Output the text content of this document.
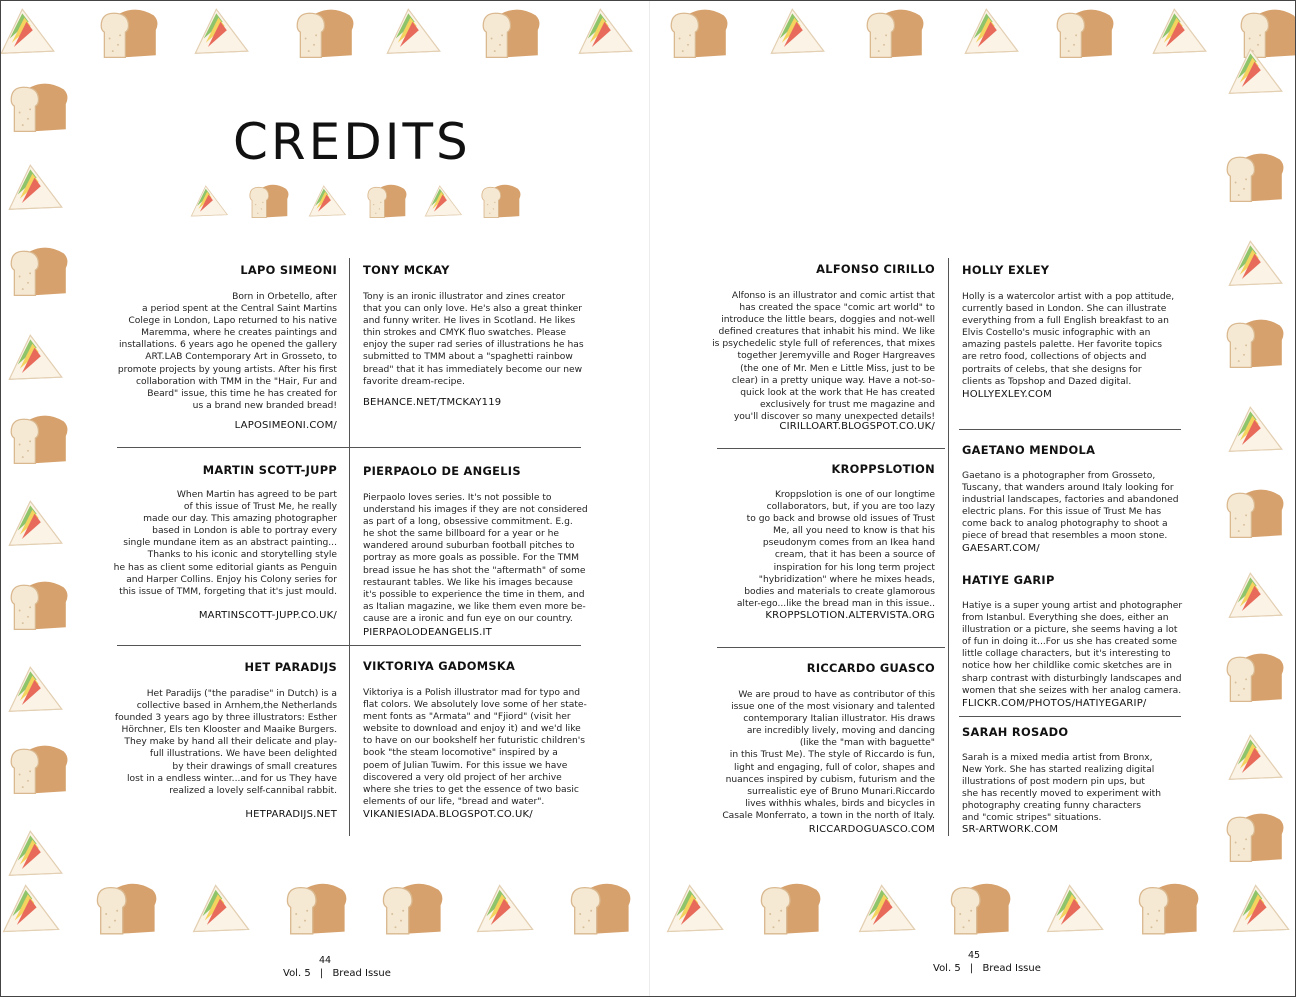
CREDITS
LAPO SIMEONI
Born in Orbetello, after
a period spent at the Central Saint Martins
Colege in London, Lapo returned to his native
Maremma, where he creates paintings and
installations. 6 years ago he opened the gallery
ART.LAB Contemporary Art in Grosseto, to
promote projects by young artists. After his first
collaboration with TMM in the "Hair, Fur and
Beard" issue, this time he has created for
us a brand new branded bread!

LAPOSIMEONI.COM/

MARTIN SCOTT-JUPP
When Martin has agreed to be part
of this issue of Trust Me, he really
made our day. This amazing photographer
based in London is able to portray every
single mundane item as an abstract painting...
Thanks to his iconic and storytelling style
he has as client some editorial giants as Penguin
and Harper Collins. Enjoy his Colony series for
this issue of TMM, forgeting that it's just mould.

MARTINSCOTT-JUPP.CO.UK/

HET PARADIJS
Het Paradijs ("the paradise" in Dutch) is a
collective based in Arnhem,the Netherlands
founded 3 years ago by three illustrators: Esther
Hörchner, Els ten Klooster and Maaike Burgers.
They make by hand all their delicate and play-
full illustrations. We have been delighted
by their drawings of small creatures
lost in a endless winter...and for us They have
realized a lovely self-cannibal rabbit.

HETPARADIJS.NET

TONY MCKAY
Tony is an ironic illustrator and zines creator
that you can only love. He's also a great thinker
and funny writer. He lives in Scotland. He likes
thin strokes and CMYK fluo swatches. Please
enjoy the super rad series of illustrations he has
submitted to TMM about a "spaghetti rainbow
bread" that it has immediately become our new
favorite dream-recipe.

BEHANCE.NET/TMCKAY119

PIERPAOLO DE ANGELIS
Pierpaolo loves series. It's not possible to
understand his images if they are not considered
as part of a long, obsessive commitment. E.g.
he shot the same billboard for a year or he
wandered around suburban football pitches to
portray as more goals as possible. For the TMM
bread issue he has shot the "aftermath" of some
restaurant tables. We like his images because
it's possible to experience the time in them, and
as Italian magazine, we like them even more be-
cause are a ironic and fun eye on our country.

PIERPAOLODEANGELIS.IT

VIKTORIYA GADOMSKA
Viktoriya is a Polish illustrator mad for typo and
flat colors. We absolutely love some of her state-
ment fonts as "Armata" and "Fjiord" (visit her
website to download and enjoy it) and we'd like
to have on our bookshelf her futuristic children's
book "the steam locomotive" inspired by a
poem of Julian Tuwim. For this issue we have
discovered a very old project of her archive
where she tries to get the essence of two basic
elements of our life, "bread and water".

VIKANIESIADA.BLOGSPOT.CO.UK/

ALFONSO CIRILLO
Alfonso is an illustrator and comic artist that
has created the space "comic art world" to
introduce the little bears, doggies and not-well
defined creatures that inhabit his mind. We like
is psychedelic style full of references, that mixes
together Jeremyville and Roger Hargreaves
(the one of Mr. Men e Little Miss, just to be
clear) in a pretty unique way. Have a not-so-
quick look at the work that He has created
exclusively for trust me magazine and
you'll discover so many unexpected details!

CIRILLOART.BLOGSPOT.CO.UK/

KROPPSLOTION
Kroppslotion is one of our longtime
collaborators, but, if you are too lazy
to go back and browse old issues of Trust
Me, all you need to know is that his
pseudonym comes from an Ikea hand
cream, that it has been a source of
inspiration for his long term project
"hybridization" where he mixes heads,
bodies and materials to create glamorous
alter-ego...like the bread man in this issue..

KROPPSLOTION.ALTERVISTA.ORG

RICCARDO GUASCO
We are proud to have as contributor of this
issue one of the most visionary and talented
contemporary Italian illustrator. His draws
are incredibly lively, moving and dancing
(like the "man with baguette"
in this Trust Me). The style of Riccardo is fun,
light and engaging, full of color, shapes and
nuances inspired by cubism, futurism and the
surrealistic eye of Bruno Munari.Riccardo
lives withhis whales, birds and bicycles in
Casale Monferrato, a town in the north of Italy.

RICCARDOGUASCO.COM

HOLLY EXLEY
Holly is a watercolor artist with a pop attitude,
currently based in London. She can illustrate
everything from a full English breakfast to an
Elvis Costello's music infographic with an
amazing pastels palette. Her favorite topics
are retro food, collections of objects and
portraits of celebs, that she designs for
clients as Topshop and Dazed digital.

HOLLYEXLEY.COM

GAETANO MENDOLA
Gaetano is a photographer from Grosseto,
Tuscany, that wanders around Italy looking for
industrial landscapes, factories and abandoned
electric plans. For this issue of Trust Me has
come back to analog photography to shoot a
piece of bread that resembles a moon stone.

GAESART.COM/

HATIYE GARIP
Hatiye is a super young artist and photographer
from Istanbul. Everything she does, either an
illustration or a picture, she seems having a lot
of fun in doing it...For us she has created some
little collage characters, but it's interesting to
notice how her childlike comic sketches are in
sharp contrast with disturbingly landscapes and
women that she seizes with her analog camera.

FLICKR.COM/PHOTOS/HATIYEGARIP/

SARAH ROSADO
Sarah is a mixed media artist from Bronx,
New York. She has started realizing digital
illustrations of post modern pin ups, but
she has recently moved to experiment with
photography creating funny characters
and "comic stripes" situations.

SR-ARTWORK.COM

44

Vol. 5 | Bread Issue

45

Vol. 5 | Bread Issue
